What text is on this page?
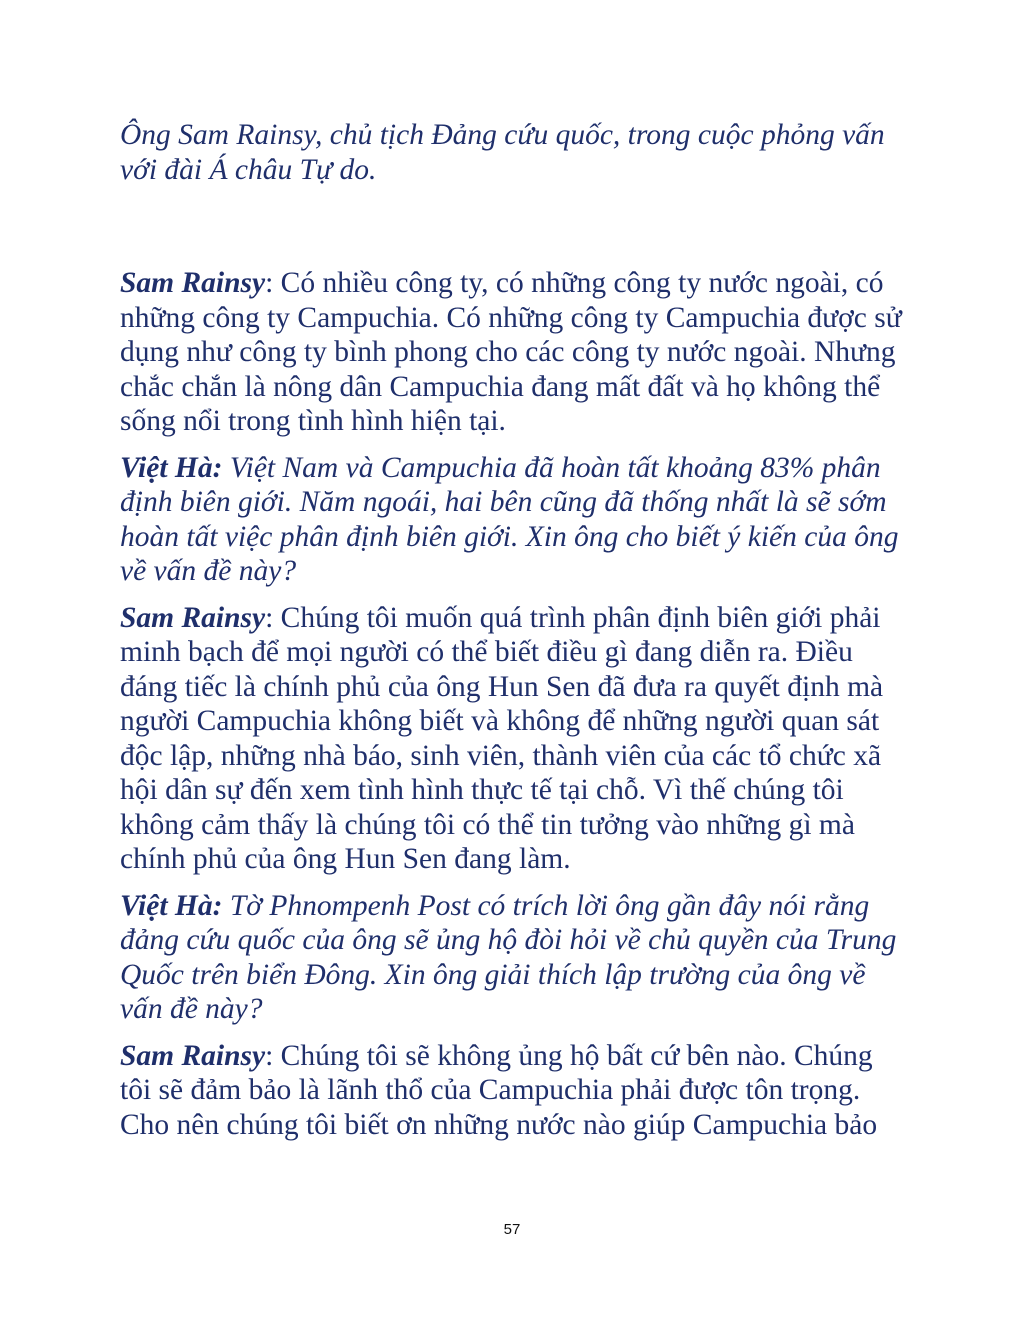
Ông Sam Rainsy, chủ tịch Đảng cứu quốc, trong cuộc phỏng vấn với đài Á châu Tự do.

Sam Rainsy: Có nhiều công ty, có những công ty nước ngoài, có những công ty Campuchia. Có những công ty Campuchia được sử dụng như công ty bình phong cho các công ty nước ngoài. Nhưng chắc chắn là nông dân Campuchia đang mất đất và họ không thể sống nổi trong tình hình hiện tại.

Việt Hà: Việt Nam và Campuchia đã hoàn tất khoảng 83% phân định biên giới. Năm ngoái, hai bên cũng đã thống nhất là sẽ sớm hoàn tất việc phân định biên giới. Xin ông cho biết ý kiến của ông về vấn đề này?

Sam Rainsy: Chúng tôi muốn quá trình phân định biên giới phải minh bạch để mọi người có thể biết điều gì đang diễn ra. Điều đáng tiếc là chính phủ của ông Hun Sen đã đưa ra quyết định mà người Campuchia không biết và không để những người quan sát độc lập, những nhà báo, sinh viên, thành viên của các tổ chức xã hội dân sự đến xem tình hình thực tế tại chỗ. Vì thế chúng tôi không cảm thấy là chúng tôi có thể tin tưởng vào những gì mà chính phủ của ông Hun Sen đang làm.

Việt Hà: Tờ Phnompenh Post có trích lời ông gần đây nói rằng đảng cứu quốc của ông sẽ ủng hộ đòi hỏi về chủ quyền của Trung Quốc trên biển Đông. Xin ông giải thích lập trường của ông về vấn đề này?

Sam Rainsy: Chúng tôi sẽ không ủng hộ bất cứ bên nào. Chúng tôi sẽ đảm bảo là lãnh thổ của Campuchia phải được tôn trọng. Cho nên chúng tôi biết ơn những nước nào giúp Campuchia bảo

57
